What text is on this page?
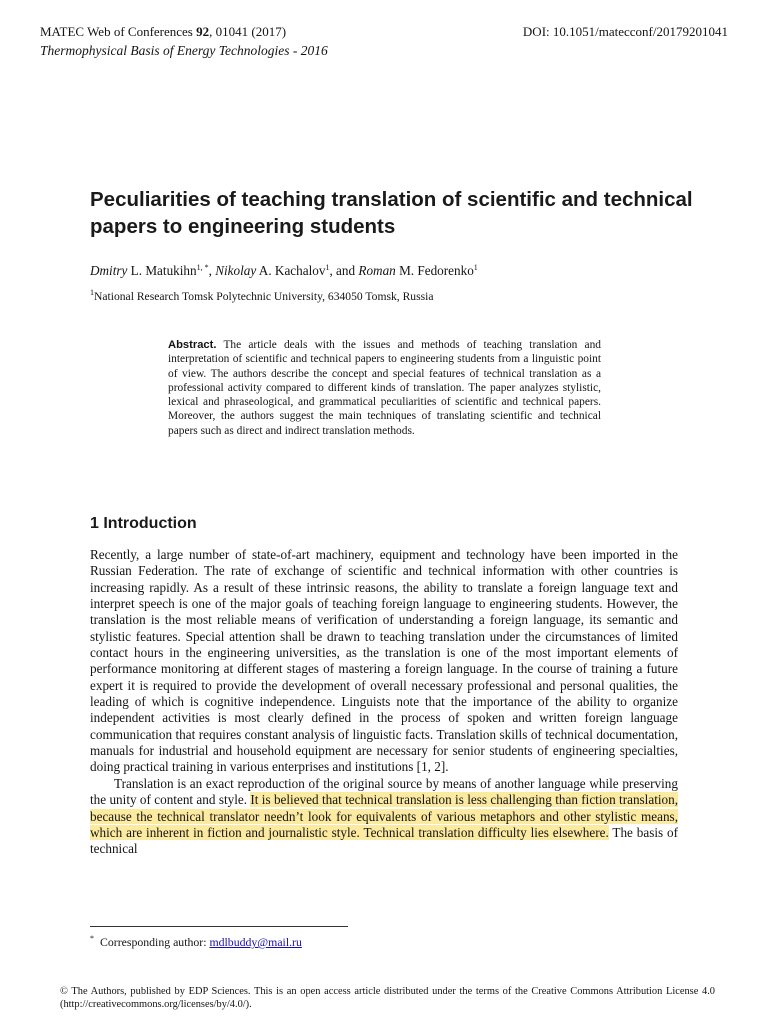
MATEC Web of Conferences 92, 01041 (2017)	DOI: 10.1051/matecconf/20179201041
Thermophysical Basis of Energy Technologies - 2016
Peculiarities of teaching translation of scientific and technical papers to engineering students
Dmitry L. Matukihn$^{1, *}$, Nikolay A. Kachalov$^1$, and Roman M. Fedorenko$^1$
$^1$National Research Tomsk Polytechnic University, 634050 Tomsk, Russia
Abstract. The article deals with the issues and methods of teaching translation and interpretation of scientific and technical papers to engineering students from a linguistic point of view. The authors describe the concept and special features of technical translation as a professional activity compared to different kinds of translation. The paper analyzes stylistic, lexical and phraseological, and grammatical peculiarities of scientific and technical papers. Moreover, the authors suggest the main techniques of translating scientific and technical papers such as direct and indirect translation methods.
1 Introduction

Recently, a large number of state-of-art machinery, equipment and technology have been imported in the Russian Federation. The rate of exchange of scientific and technical information with other countries is increasing rapidly. As a result of these intrinsic reasons, the ability to translate a foreign language text and interpret speech is one of the major goals of teaching foreign language to engineering students. However, the translation is the most reliable means of verification of understanding a foreign language, its semantic and stylistic features. Special attention shall be drawn to teaching translation under the circumstances of limited contact hours in the engineering universities, as the translation is one of the most important elements of performance monitoring at different stages of mastering a foreign language. In the course of training a future expert it is required to provide the development of overall necessary professional and personal qualities, the leading of which is cognitive independence. Linguists note that the importance of the ability to organize independent activities is most clearly defined in the process of spoken and written foreign language communication that requires constant analysis of linguistic facts. Translation skills of technical documentation, manuals for industrial and household equipment are necessary for senior students of engineering specialties, doing practical training in various enterprises and institutions [1, 2].

Translation is an exact reproduction of the original source by means of another language while preserving the unity of content and style. It is believed that technical translation is less challenging than fiction translation, because the technical translator needn’t look for equivalents of various metaphors and other stylistic means, which are inherent in fiction and journalistic style. Technical translation difficulty lies elsewhere. The basis of technical

* Corresponding author: mdlbuddy@mail.ru
© The Authors, published by EDP Sciences. This is an open access article distributed under the terms of the Creative Commons Attribution License 4.0 (http://creativecommons.org/licenses/by/4.0/).
